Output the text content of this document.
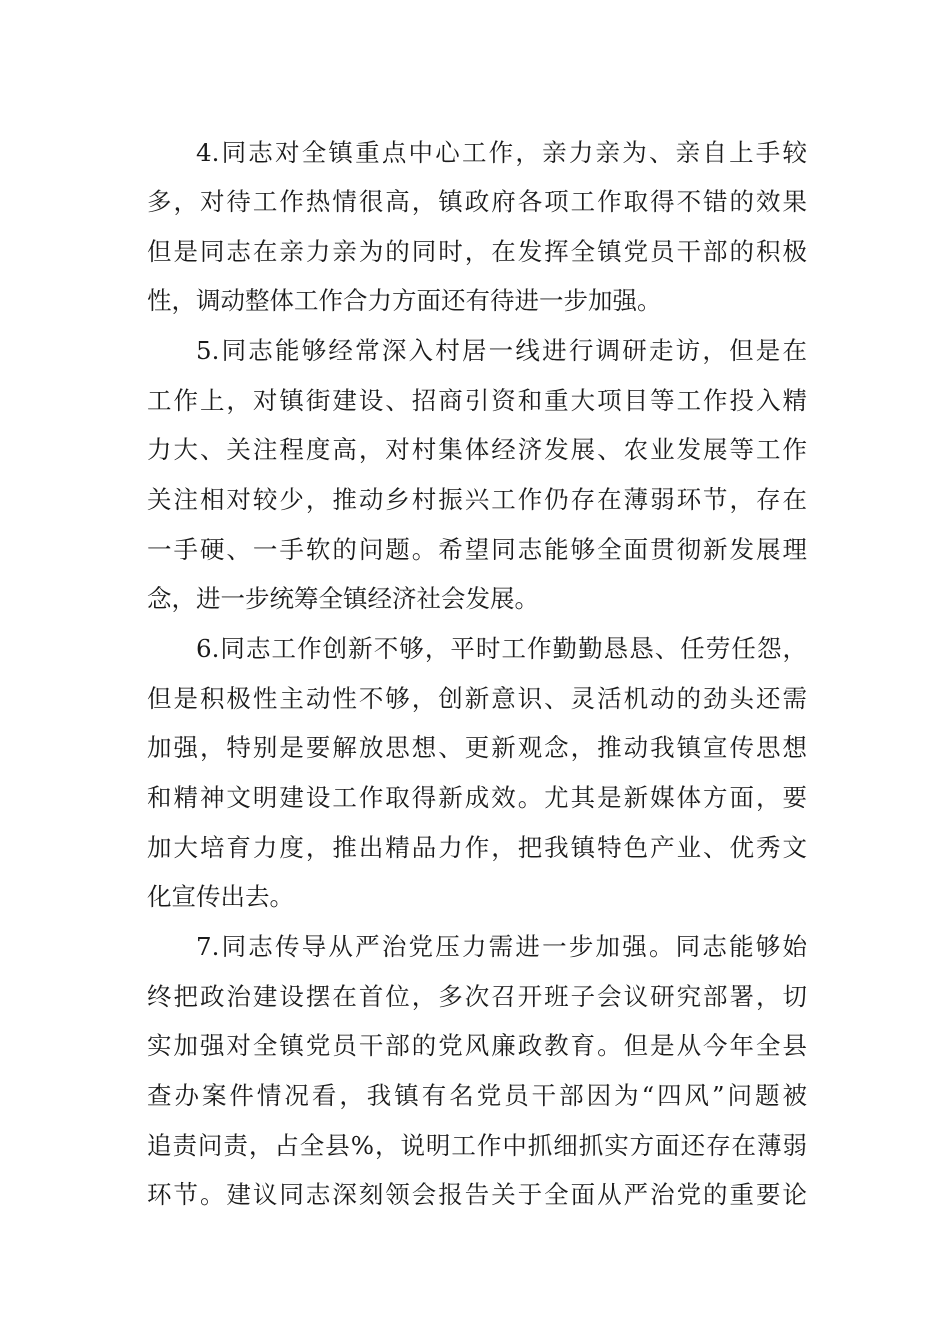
4.同志对全镇重点中心工作，亲力亲为、亲自上手较
多，对待工作热情很高，镇政府各项工作取得不错的效果
但是同志在亲力亲为的同时，在发挥全镇党员干部的积极
性，调动整体工作合力方面还有待进一步加强。
5.同志能够经常深入村居一线进行调研走访，但是在
工作上，对镇街建设、招商引资和重大项目等工作投入精
力大、关注程度高，对村集体经济发展、农业发展等工作
关注相对较少，推动乡村振兴工作仍存在薄弱环节，存在
一手硬、一手软的问题。希望同志能够全面贯彻新发展理
念，进一步统筹全镇经济社会发展。
6.同志工作创新不够，平时工作勤勤恳恳、任劳任怨，
但是积极性主动性不够，创新意识、灵活机动的劲头还需
加强，特别是要解放思想、更新观念，推动我镇宣传思想
和精神文明建设工作取得新成效。尤其是新媒体方面，要
加大培育力度，推出精品力作，把我镇特色产业、优秀文
化宣传出去。
7.同志传导从严治党压力需进一步加强。同志能够始
终把政治建设摆在首位，多次召开班子会议研究部署，切
实加强对全镇党员干部的党风廉政教育。但是从今年全县
查办案件情况看，我镇有名党员干部因为“四风”问题被
追责问责，占全县%，说明工作中抓细抓实方面还存在薄弱
环节。建议同志深刻领会报告关于全面从严治党的重要论
